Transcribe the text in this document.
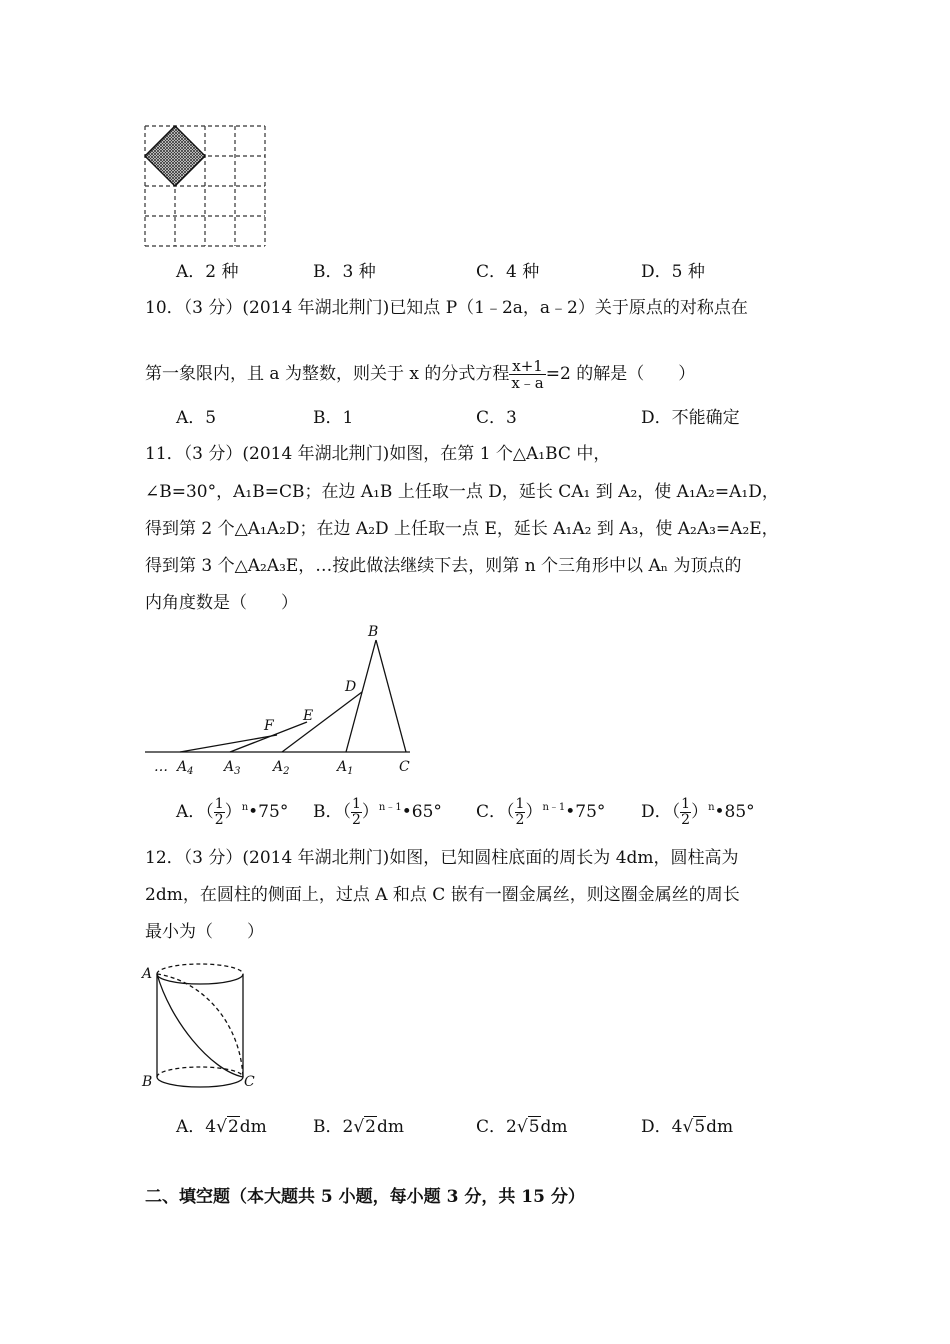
A．2 种	B．3 种	C．4 种	D．5 种
10．（3 分）(2014 年湖北荆门)已知点 P（1﹣2a，a﹣2）关于原点的对称点在
第一象限内，且 a 为整数，则关于 x 的分式方程 $\frac{x+1}{x﹣a} =2$ 的解是（　　）
A．5	B．1	C．3	D．不能确定
11．（3 分）(2014 年湖北荆门)如图，在第 1 个△A₁BC 中，
∠B=30°，A₁B=CB；在边 A₁B 上任取一点 D，延长 CA₁ 到 A₂，使 A₁A₂=A₁D，
得到第 2 个△A₁A₂D；在边 A₂D 上任取一点 E，延长 A₁A₂ 到 A₃，使 A₂A₃=A₂E，
得到第 3 个△A₂A₃E，…按此做法继续下去，则第 n 个三角形中以 Aₙ 为顶点的
内角度数是（　　）
B
D
E
F
… $A_4$ $A_3$ $A_2$	$A_1$	C
A．（ $\frac{1}{2}$ ）$^n$•75° B．（ $\frac{1}{2}$ ）$^{n﹣1}$•65° C．（ $\frac{1}{2}$ ）$^{n﹣1}$•75° D．（ $\frac{1}{2}$ ）$^n$•85°
12．（3 分）(2014 年湖北荆门)如图，已知圆柱底面的周长为 4dm，圆柱高为
2dm，在圆柱的侧面上，过点 A 和点 C 嵌有一圈金属丝，则这圈金属丝的周长
最小为（　　）
A
B	C
A．4√2dm	B．2√2dm	C．2√5dm	D．4√5dm
二、填空题（本大题共 5 小题，每小题 3 分，共 15 分）
